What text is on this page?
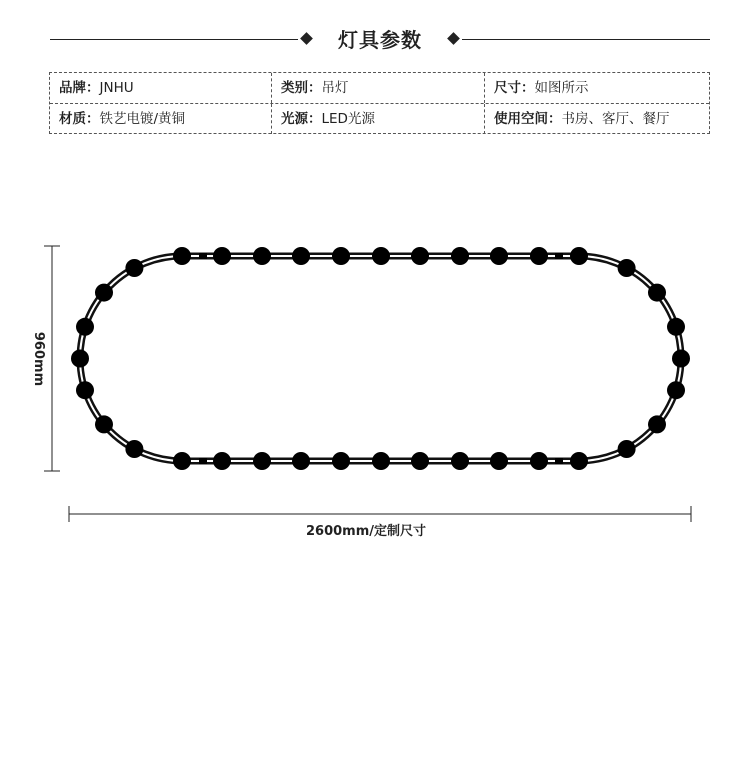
灯具参数
品牌：JNHU	类别：吊灯	尺寸：如图所示
材质：铁艺电镀/黄铜	光源：LED光源	使用空间：书房、客厅、餐厅
960mm
2600mm/定制尺寸
